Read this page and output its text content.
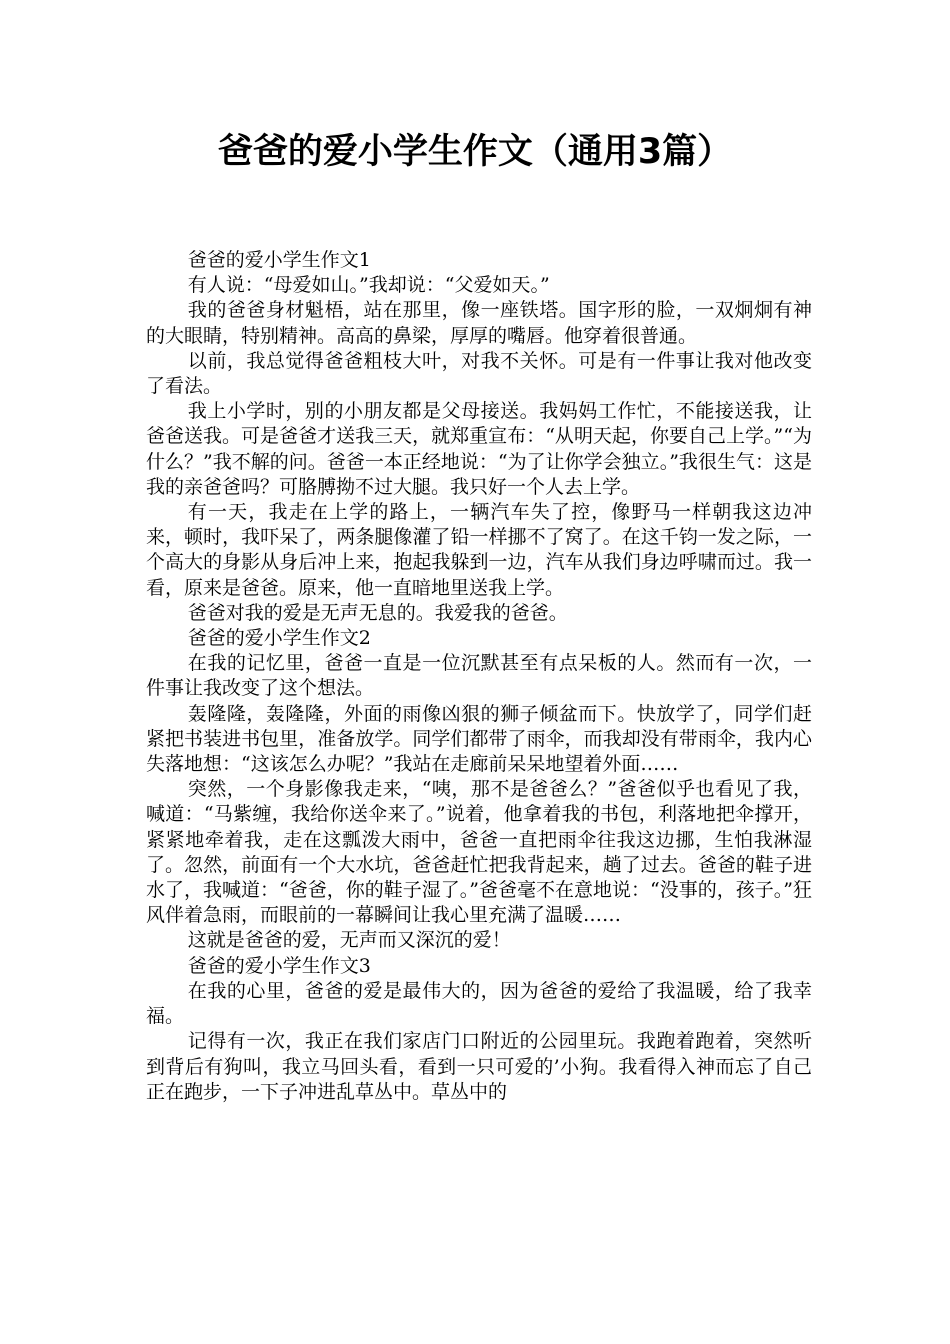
爸爸的爱小学生作文（通用3篇）

爸爸的爱小学生作文1

有人说：“母爱如山。”我却说：“父爱如天。”

我的爸爸身材魁梧，站在那里，像一座铁塔。国字形的脸，一双炯炯有神的大眼睛，特别精神。高高的鼻梁，厚厚的嘴唇。他穿着很普通。

以前，我总觉得爸爸粗枝大叶，对我不关怀。可是有一件事让我对他改变了看法。

我上小学时，别的小朋友都是父母接送。我妈妈工作忙，不能接送我，让爸爸送我。可是爸爸才送我三天，就郑重宣布：“从明天起，你要自己上学。”“为什么？”我不解的问。爸爸一本正经地说：“为了让你学会独立。”我很生气：这是我的亲爸爸吗？可胳膊拗不过大腿。我只好一个人去上学。

有一天，我走在上学的路上，一辆汽车失了控，像野马一样朝我这边冲来，顿时，我吓呆了，两条腿像灌了铅一样挪不了窝了。在这千钧一发之际，一个高大的身影从身后冲上来，抱起我躲到一边，汽车从我们身边呼啸而过。我一看，原来是爸爸。原来，他一直暗地里送我上学。

爸爸对我的爱是无声无息的。我爱我的爸爸。

爸爸的爱小学生作文2

在我的记忆里，爸爸一直是一位沉默甚至有点呆板的人。然而有一次，一件事让我改变了这个想法。

轰隆隆，轰隆隆，外面的雨像凶狠的狮子倾盆而下。快放学了，同学们赶紧把书装进书包里，准备放学。同学们都带了雨伞，而我却没有带雨伞，我内心失落地想：“这该怎么办呢？”我站在走廊前呆呆地望着外面……

突然，一个身影像我走来，“咦，那不是爸爸么？”爸爸似乎也看见了我，喊道：“马紫缠，我给你送伞来了。”说着，他拿着我的书包，利落地把伞撑开，紧紧地牵着我，走在这瓢泼大雨中，爸爸一直把雨伞往我这边挪，生怕我淋湿了。忽然，前面有一个大水坑，爸爸赶忙把我背起来，趟了过去。爸爸的鞋子进水了，我喊道：“爸爸，你的鞋子湿了。”爸爸毫不在意地说：“没事的，孩子。”狂风伴着急雨，而眼前的一幕瞬间让我心里充满了温暖……

这就是爸爸的爱，无声而又深沉的爱！

爸爸的爱小学生作文3

在我的心里，爸爸的爱是最伟大的，因为爸爸的爱给了我温暖，给了我幸福。

记得有一次，我正在我们家店门口附近的公园里玩。我跑着跑着，突然听到背后有狗叫，我立马回头看，看到一只可爱的’小狗。我看得入神而忘了自己正在跑步，一下子冲进乱草丛中。草丛中的
